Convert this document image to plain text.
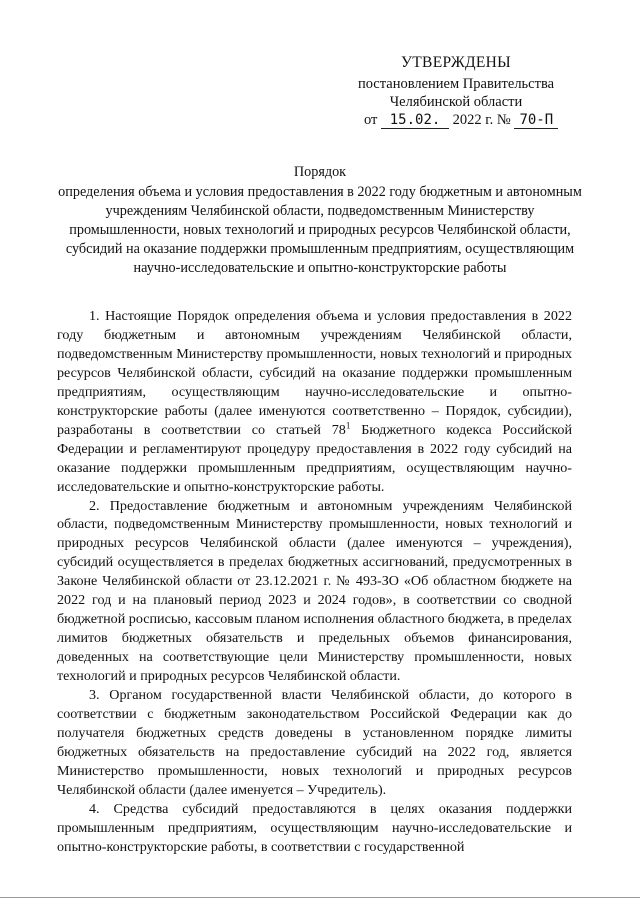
УТВЕРЖДЕНЫ
постановлением Правительства
Челябинской области
от 15.02. 2022 г. № 70-П
Порядок
определения объема и условия предоставления в 2022 году бюджетным и автономным учреждениям Челябинской области, подведомственным Министерству промышленности, новых технологий и природных ресурсов Челябинской области, субсидий на оказание поддержки промышленным предприятиям, осуществляющим научно-исследовательские и опытно-конструкторские работы

1. Настоящие Порядок определения объема и условия предоставления в 2022 году бюджетным и автономным учреждениям Челябинской области, подведомственным Министерству промышленности, новых технологий и природных ресурсов Челябинской области, субсидий на оказание поддержки промышленным предприятиям, осуществляющим научно-исследовательские и опытно-конструкторские работы (далее именуются соответственно – Порядок, субсидии), разработаны в соответствии со статьей $78^1$ Бюджетного кодекса Российской Федерации и регламентируют процедуру предоставления в 2022 году субсидий на оказание поддержки промышленным предприятиям, осуществляющим научно-исследовательские и опытно-конструкторские работы.

2. Предоставление бюджетным и автономным учреждениям Челябинской области, подведомственным Министерству промышленности, новых технологий и природных ресурсов Челябинской области (далее именуются – учреждения), субсидий осуществляется в пределах бюджетных ассигнований, предусмотренных в Законе Челябинской области от 23.12.2021 г. № 493-ЗО «Об областном бюджете на 2022 год и на плановый период 2023 и 2024 годов», в соответствии со сводной бюджетной росписью, кассовым планом исполнения областного бюджета, в пределах лимитов бюджетных обязательств и предельных объемов финансирования, доведенных на соответствующие цели Министерству промышленности, новых технологий и природных ресурсов Челябинской области.

3. Органом государственной власти Челябинской области, до которого в соответствии с бюджетным законодательством Российской Федерации как до получателя бюджетных средств доведены в установленном порядке лимиты бюджетных обязательств на предоставление субсидий на 2022 год, является Министерство промышленности, новых технологий и природных ресурсов Челябинской области (далее именуется – Учредитель).

4. Средства субсидий предоставляются в целях оказания поддержки промышленным предприятиям, осуществляющим научно-исследовательские и опытно-конструкторские работы, в соответствии с государственной
